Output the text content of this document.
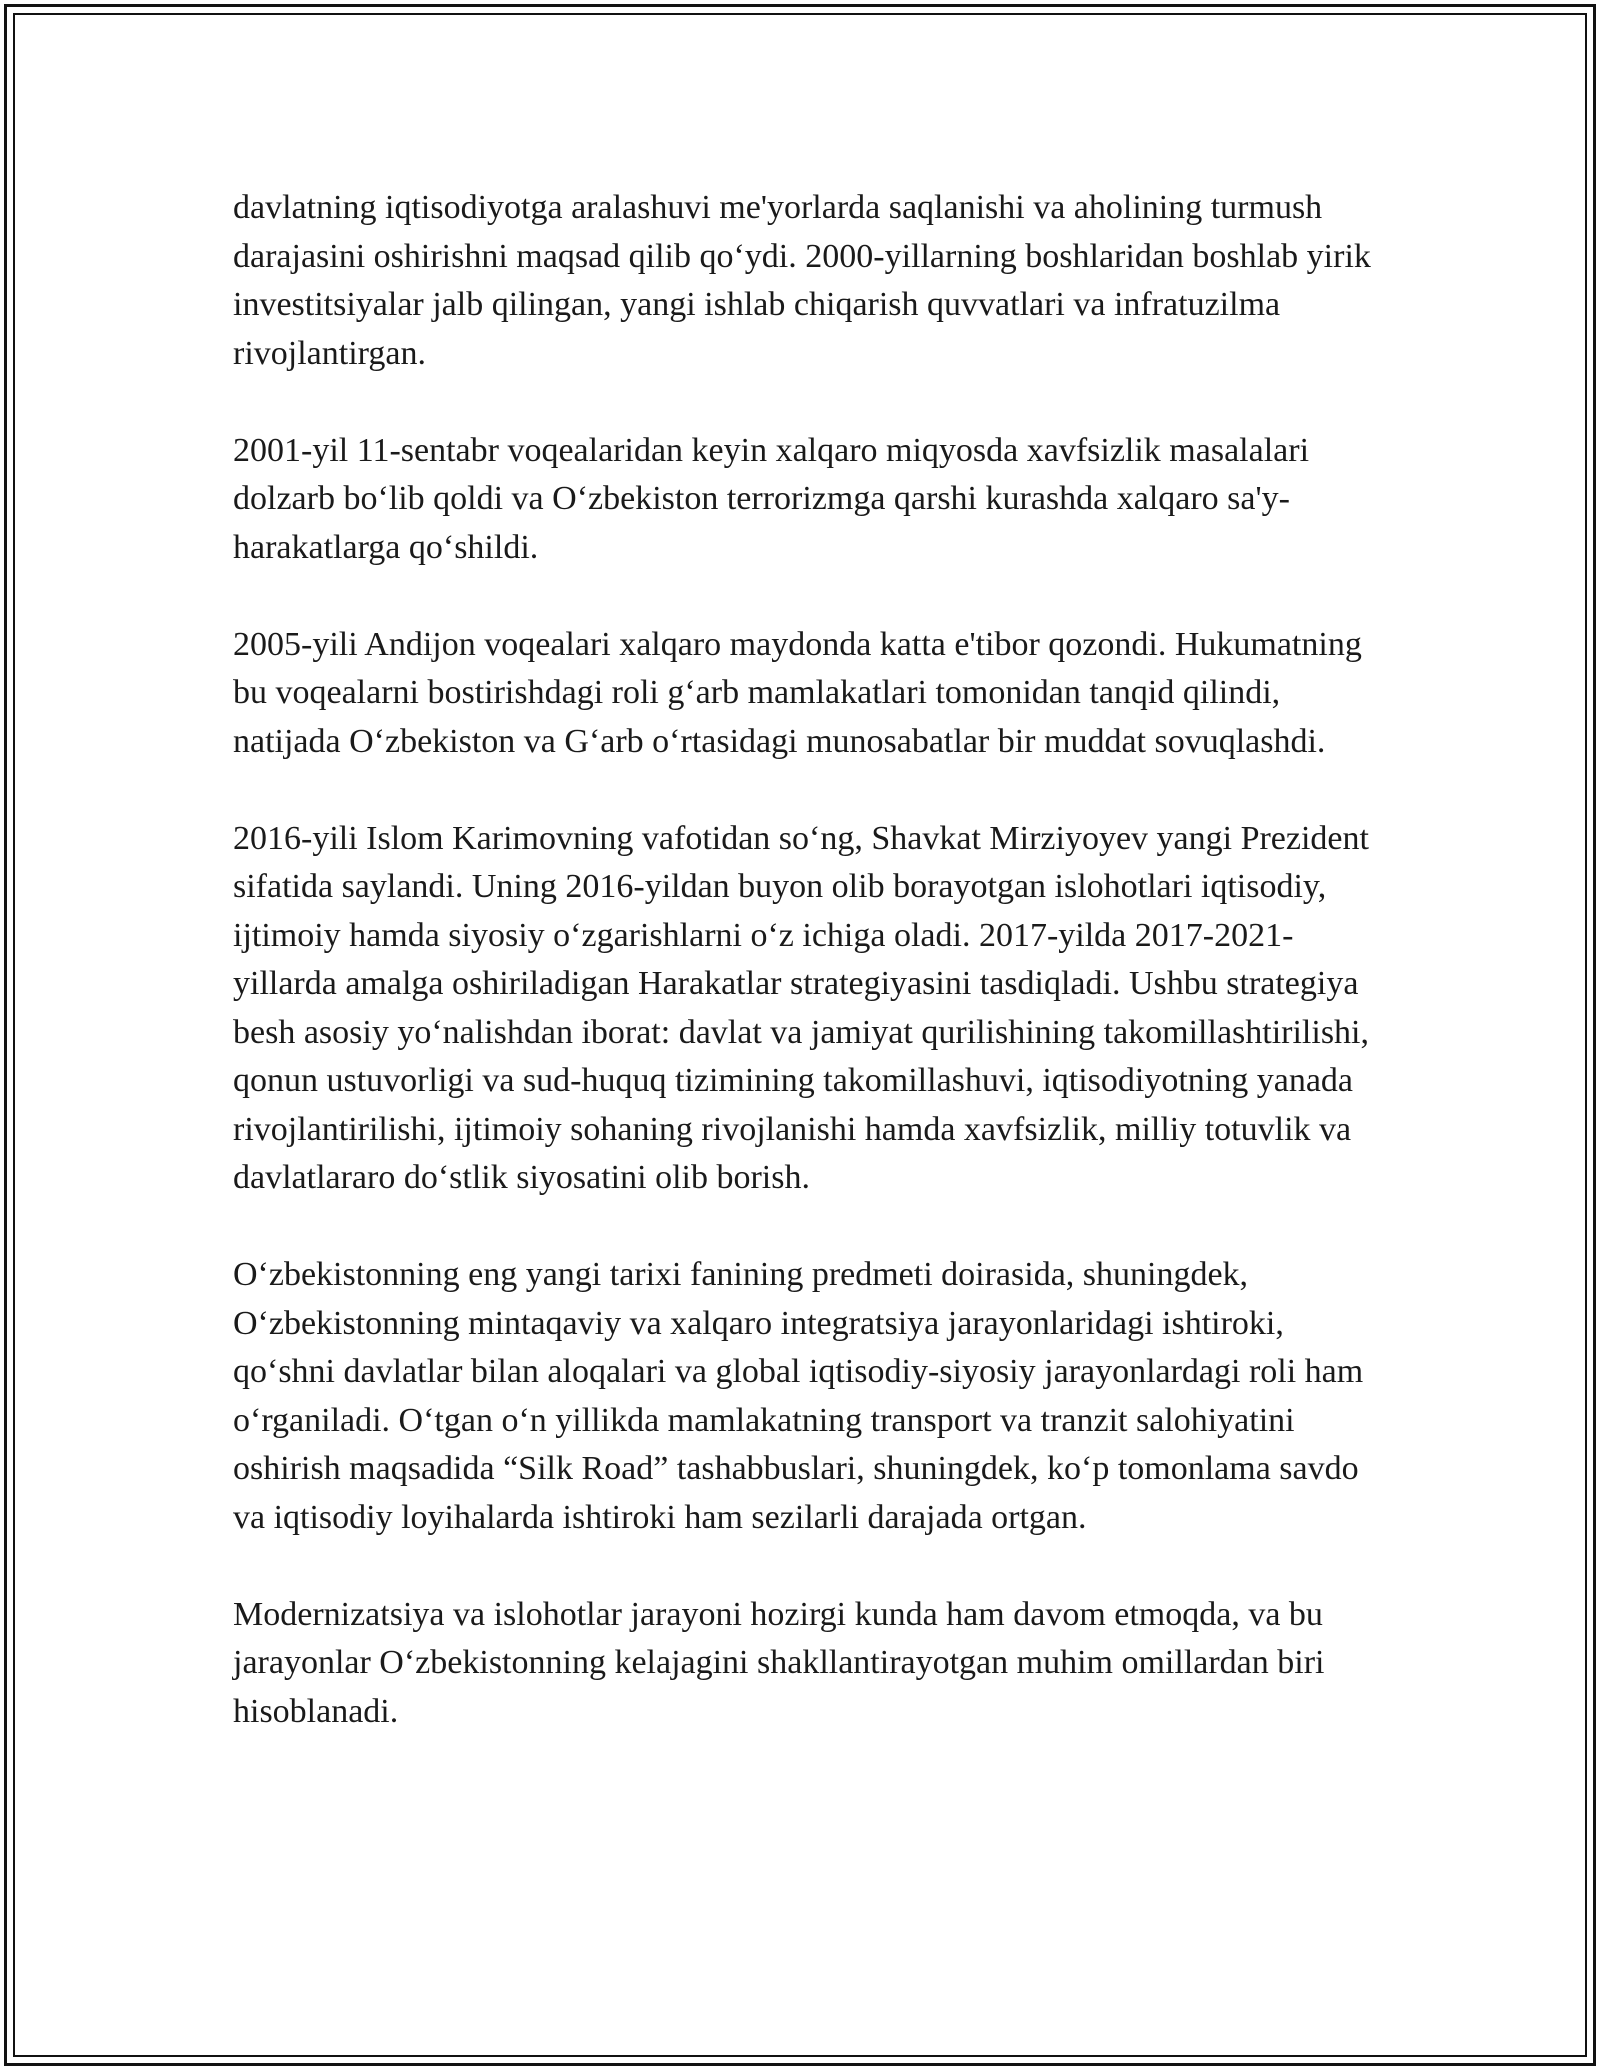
davlatning iqtisodiyotga aralashuvi me'yorlarda saqlanishi va aholining turmush darajasini oshirishni maqsad qilib qoʻydi. 2000-yillarning boshlaridan boshlab yirik investitsiyalar jalb qilingan, yangi ishlab chiqarish quvvatlari va infratuzilma rivojlantirgan.

2001-yil 11-sentabr voqealaridan keyin xalqaro miqyosda xavfsizlik masalalari dolzarb boʻlib qoldi va Oʻzbekiston terrorizmga qarshi kurashda xalqaro sa'y-harakatlarga qoʻshildi.

2005-yili Andijon voqealari xalqaro maydonda katta e'tibor qozondi. Hukumatning bu voqealarni bostirishdagi roli gʻarb mamlakatlari tomonidan tanqid qilindi, natijada Oʻzbekiston va Gʻarb oʻrtasidagi munosabatlar bir muddat sovuqlashdi.

2016-yili Islom Karimovning vafotidan soʻng, Shavkat Mirziyoyev yangi Prezident sifatida saylandi. Uning 2016-yildan buyon olib borayotgan islohotlari iqtisodiy, ijtimoiy hamda siyosiy oʻzgarishlarni oʻz ichiga oladi. 2017-yilda 2017-2021-yillarda amalga oshiriladigan Harakatlar strategiyasini tasdiqladi. Ushbu strategiya besh asosiy yoʻnalishdan iborat: davlat va jamiyat qurilishining takomillashtirilishi, qonun ustuvorligi va sud-huquq tizimining takomillashuvi, iqtisodiyotning yanada rivojlantirilishi, ijtimoiy sohaning rivojlanishi hamda xavfsizlik, milliy totuvlik va davlatlararo doʻstlik siyosatini olib borish.

Oʻzbekistonning eng yangi tarixi fanining predmeti doirasida, shuningdek, Oʻzbekistonning mintaqaviy va xalqaro integratsiya jarayonlaridagi ishtiroki, qoʻshni davlatlar bilan aloqalari va global iqtisodiy-siyosiy jarayonlardagi roli ham oʻrganiladi. Oʻtgan oʻn yillikda mamlakatning transport va tranzit salohiyatini oshirish maqsadida “Silk Road” tashabbuslari, shuningdek, koʻp tomonlama savdo va iqtisodiy loyihalarda ishtiroki ham sezilarli darajada ortgan.

Modernizatsiya va islohotlar jarayoni hozirgi kunda ham davom etmoqda, va bu jarayonlar Oʻzbekistonning kelajagini shakllantirayotgan muhim omillardan biri hisoblanadi.
